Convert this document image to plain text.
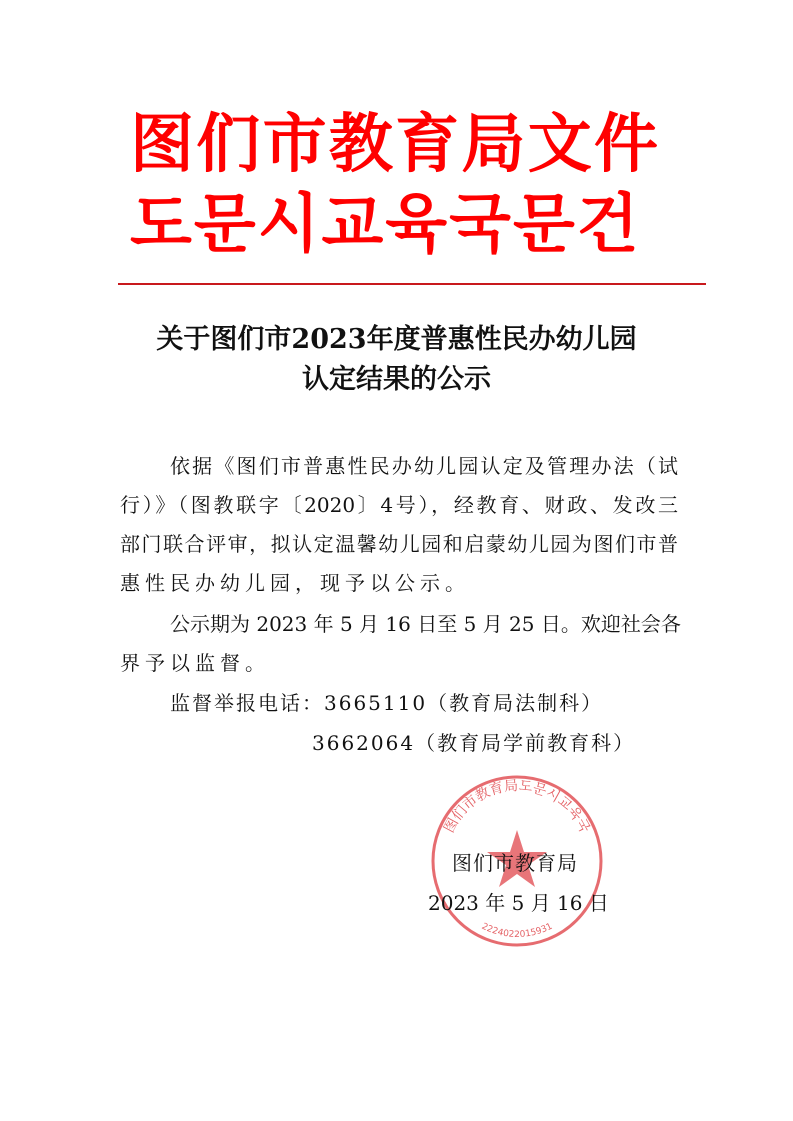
图们市教育局文件
도문시교육국문건
关于图们市2023年度普惠性民办幼儿园
认定结果的公示
依据《图们市普惠性民办幼儿园认定及管理办法（试
行）》（图教联字〔2020〕4号），经教育、财政、发改三
部门联合评审，拟认定温馨幼儿园和启蒙幼儿园为图们市普
惠性民办幼儿园，现予以公示。
公示期为 2023 年 5 月 16 日至 5 月 25 日。欢迎社会各
界予以监督。
监督举报电话：3665110（教育局法制科）
3662064（教育局学前教育科）
图们市教育局도문시교육국
2224022015931
图们市教育局
2023 年 5 月 16 日
